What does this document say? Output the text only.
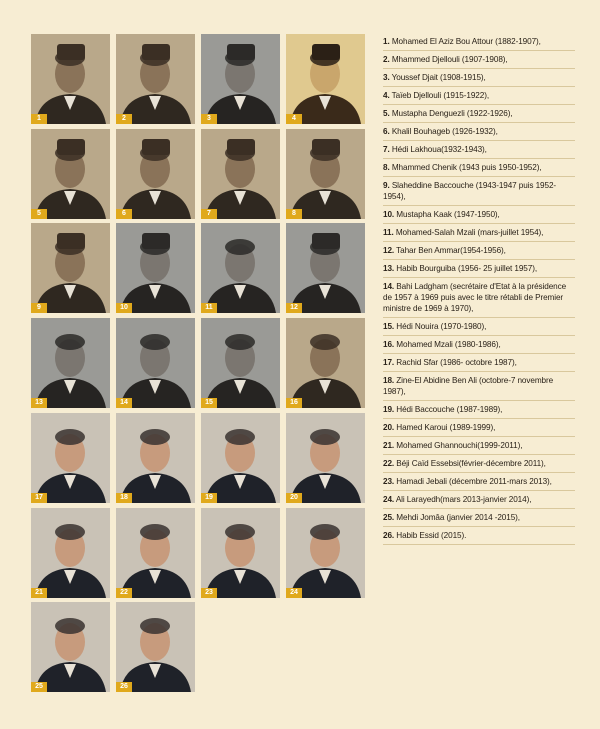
1	2	3	4
5	6	7	8
9	10	11	12
13	14	15	16
17	18	19	20
21	22	23	24
25	26
1. Mohamed El Aziz Bou Attour (1882-1907),
2. Mhammed Djellouli (1907-1908),
3. Youssef Djait (1908-1915),
4. Taïeb Djellouli (1915-1922),
5. Mustapha Denguezli (1922-1926),
6. Khalil Bouhageb (1926-1932),
7. Hédi Lakhoua(1932-1943),
8. Mhammed Chenik (1943 puis 1950-1952),
9. Slaheddine Baccouche (1943-1947 puis 1952-1954),
10. Mustapha Kaak (1947-1950),
11. Mohamed-Salah Mzali (mars-juillet 1954),
12. Tahar Ben Ammar(1954-1956),
13. Habib Bourguiba (1956- 25 juillet 1957),
14. Bahi Ladgham (secrétaire d'Etat à la présidence de 1957 à 1969 puis avec le titre rétabli de Premier ministre de 1969 à 1970),
15. Hédi Nouira (1970-1980),
16. Mohamed Mzali (1980-1986),
17. Rachid Sfar (1986- octobre 1987),
18. Zine-El Abidine Ben Ali (octobre-7 novembre 1987),
19. Hédi Baccouche (1987-1989),
20. Hamed Karoui (1989-1999),
21. Mohamed Ghannouchi(1999-2011),
22. Béji Caïd Essebsi(février-décembre 2011),
23. Hamadi Jebali (décembre 2011-mars 2013),
24. Ali Larayedh(mars 2013-janvier 2014),
25. Mehdi Jomâa (janvier 2014 -2015),
26. Habib Essid (2015).
